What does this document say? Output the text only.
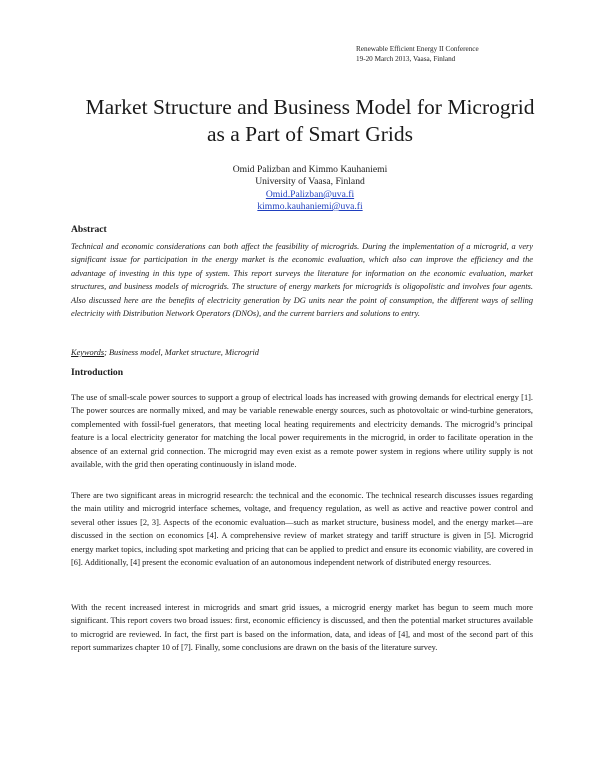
Renewable Efficient Energy II Conference
19-20 March 2013, Vaasa, Finland
Market Structure and Business Model for Microgrid
as a Part of Smart Grids
Omid Palizban and Kimmo Kauhaniemi
University of Vaasa, Finland
Omid.Palizban@uva.fi
kimmo.kauhaniemi@uva.fi
Abstract
Technical and economic considerations can both affect the feasibility of microgrids. During the implementation of a microgrid, a very significant issue for participation in the energy market is the economic evaluation, which also can improve the efficiency and the advantage of investing in this type of system. This report surveys the literature for information on the economic evaluation, market structures, and business models of microgrids. The structure of energy markets for microgrids is oligopolistic and involves four agents. Also discussed here are the benefits of electricity generation by DG units near the point of consumption, the different ways of selling electricity with Distribution Network Operators (DNOs), and the current barriers and solutions to entry.
Keywords; Business model, Market structure, Microgrid
Introduction
The use of small-scale power sources to support a group of electrical loads has increased with growing demands for electrical energy [1]. The power sources are normally mixed, and may be variable renewable energy sources, such as photovoltaic or wind-turbine generators, complemented with fossil-fuel generators, that meeting local heating requirements and electricity demands. The microgrid’s principal feature is a local electricity generator for matching the local power requirements in the microgrid, in order to facilitate operation in the absence of an external grid connection. The microgrid may even exist as a remote power system in regions where utility supply is not available, with the grid then operating continuously in island mode.
There are two significant areas in microgrid research: the technical and the economic. The technical research discusses issues regarding the main utility and microgrid interface schemes, voltage, and frequency regulation, as well as active and reactive power control and several other issues [2, 3]. Aspects of the economic evaluation—such as market structure, business model, and the energy market—are discussed in the section on economics [4]. A comprehensive review of market strategy and tariff structure is given in [5]. Microgrid energy market topics, including spot marketing and pricing that can be applied to predict and ensure its economic viability, are covered in [6]. Additionally, [4] present the economic evaluation of an autonomous independent network of distributed energy resources.
With the recent increased interest in microgrids and smart grid issues, a microgrid energy market has begun to seem much more significant. This report covers two broad issues: first, economic efficiency is discussed, and then the potential market structures available to microgrid are reviewed. In fact, the first part is based on the information, data, and ideas of [4], and most of the second part of this report summarizes chapter 10 of [7]. Finally, some conclusions are drawn on the basis of the literature survey.
